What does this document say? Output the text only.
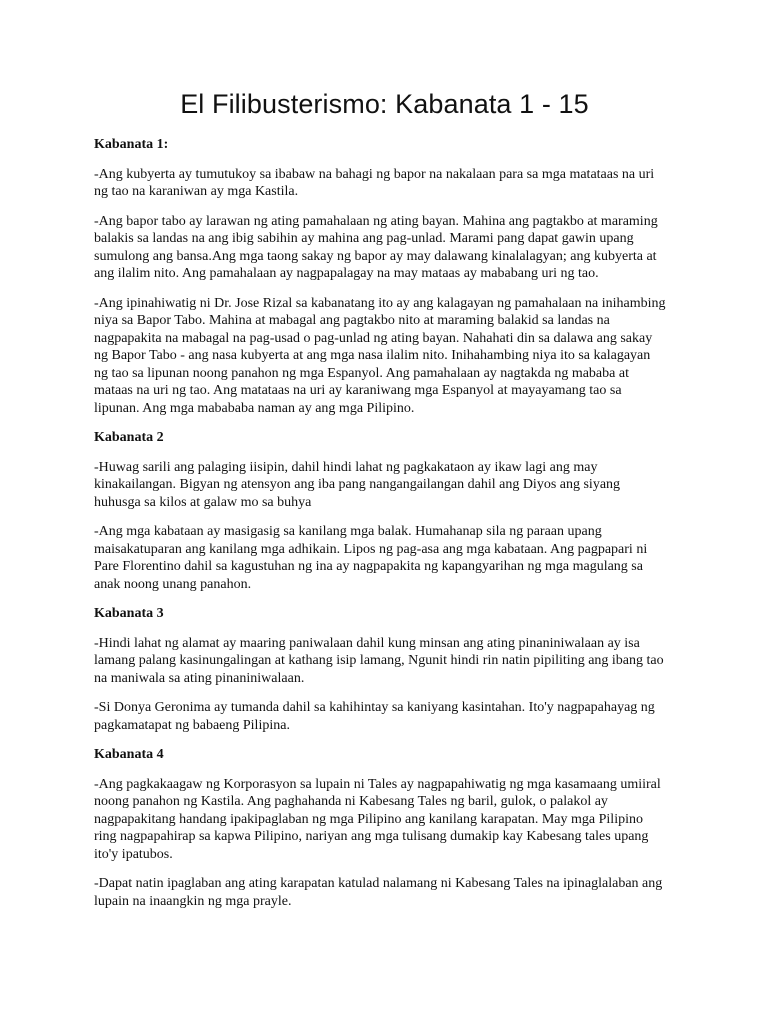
El Filibusterismo: Kabanata 1 - 15
Kabanata 1:

-Ang kubyerta ay tumutukoy sa ibabaw na bahagi ng bapor na nakalaan para sa mga matataas na uri
ng tao na karaniwan ay mga Kastila.

-Ang bapor tabo ay larawan ng ating pamahalaan ng ating bayan. Mahina ang pagtakbo at maraming
balakis sa landas na ang ibig sabihin ay mahina ang pag-unlad. Marami pang dapat gawin upang
sumulong ang bansa.Ang mga taong sakay ng bapor ay may dalawang kinalalagyan; ang kubyerta at
ang ilalim nito. Ang pamahalaan ay nagpapalagay na may mataas ay mababang uri ng tao.

-Ang ipinahiwatig ni Dr. Jose Rizal sa kabanatang ito ay ang kalagayan ng pamahalaan na inihambing
niya sa Bapor Tabo. Mahina at mabagal ang pagtakbo nito at maraming balakid sa landas na
nagpapakita na mabagal na pag-usad o pag-unlad ng ating bayan. Nahahati din sa dalawa ang sakay
ng Bapor Tabo - ang nasa kubyerta at ang mga nasa ilalim nito. Inihahambing niya ito sa kalagayan
ng tao sa lipunan noong panahon ng mga Espanyol. Ang pamahalaan ay nagtakda ng mababa at
mataas na uri ng tao. Ang matataas na uri ay karaniwang mga Espanyol at mayayamang tao sa
lipunan. Ang mga mabababa naman ay ang mga Pilipino.

Kabanata 2

-Huwag sarili ang palaging iisipin, dahil hindi lahat ng pagkakataon ay ikaw lagi ang may
kinakailangan. Bigyan ng atensyon ang iba pang nangangailangan dahil ang Diyos ang siyang
huhusga sa kilos at galaw mo sa buhya

-Ang mga kabataan ay masigasig sa kanilang mga balak. Humahanap sila ng paraan upang
maisakatuparan ang kanilang mga adhikain. Lipos ng pag-asa ang mga kabataan. Ang pagpapari ni
Pare Florentino dahil sa kagustuhan ng ina ay nagpapakita ng kapangyarihan ng mga magulang sa
anak noong unang panahon.

Kabanata 3

-Hindi lahat ng alamat ay maaring paniwalaan dahil kung minsan ang ating pinaniniwalaan ay isa
lamang palang kasinungalingan at kathang isip lamang, Ngunit hindi rin natin pipiliting ang ibang tao
na maniwala sa ating pinaniniwalaan.

-Si Donya Geronima ay tumanda dahil sa kahihintay sa kaniyang kasintahan. Ito'y nagpapahayag ng
pagkamatapat ng babaeng Pilipina.

Kabanata 4

-Ang pagkakaagaw ng Korporasyon sa lupain ni Tales ay nagpapahiwatig ng mga kasamaang umiiral
noong panahon ng Kastila. Ang paghahanda ni Kabesang Tales ng baril, gulok, o palakol ay
nagpapakitang handang ipakipaglaban ng mga Pilipino ang kanilang karapatan. May mga Pilipino
ring nagpapahirap sa kapwa Pilipino, nariyan ang mga tulisang dumakip kay Kabesang tales upang
ito'y ipatubos.

-Dapat natin ipaglaban ang ating karapatan katulad nalamang ni Kabesang Tales na ipinaglalaban ang
lupain na inaangkin ng mga prayle.
